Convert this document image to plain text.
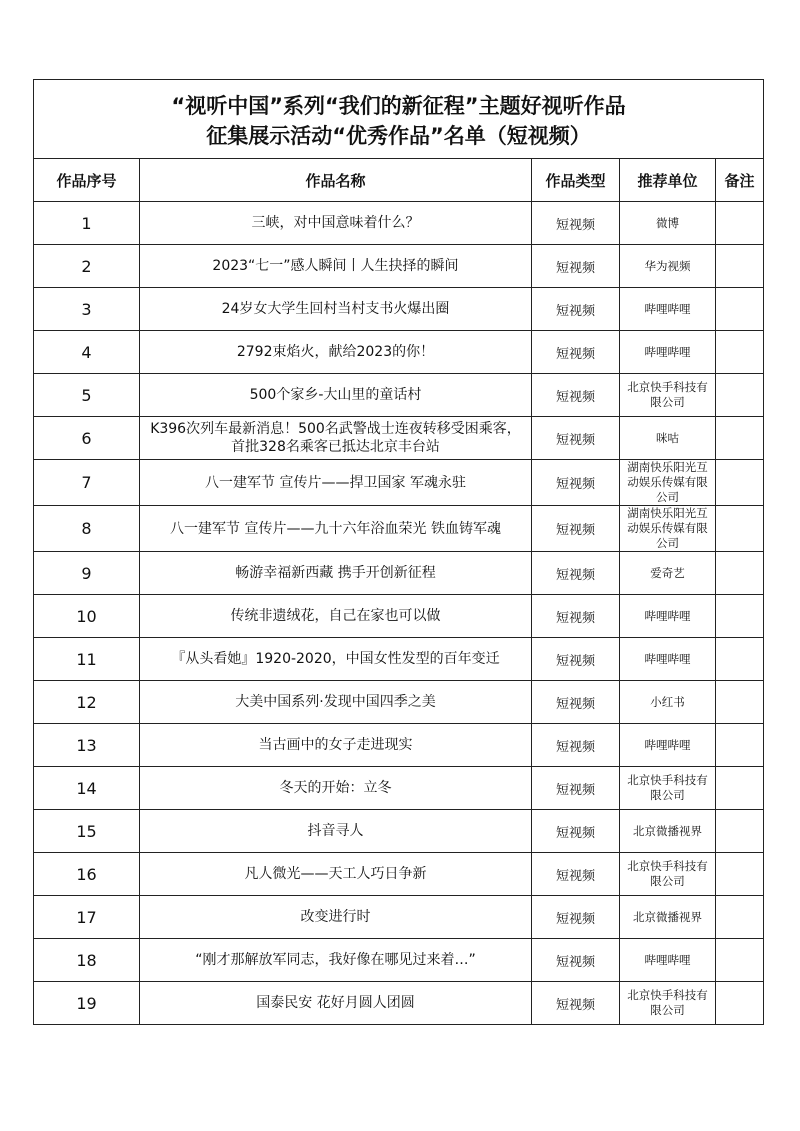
“视听中国”系列“我们的新征程”主题好视听作品
征集展示活动“优秀作品”名单（短视频）				

作品序号	作品名称	作品类型	推荐单位	备注
1	三峡，对中国意味着什么？	短视频	微博	
2	2023“七一”感人瞬间丨人生抉择的瞬间	短视频	华为视频	
3	24岁女大学生回村当村支书火爆出圈	短视频	哔哩哔哩	
4	2792束焰火，献给2023的你！	短视频	哔哩哔哩	
5	500个家乡-大山里的童话村	短视频	北京快手科技有限公司	
6	K396次列车最新消息！500名武警战士连夜转移受困乘客，首批328名乘客已抵达北京丰台站	短视频	咪咕	
7	八一建军节 宣传片——捍卫国家 军魂永驻	短视频	湖南快乐阳光互动娱乐传媒有限公司	
8	八一建军节 宣传片——九十六年浴血荣光 铁血铸军魂	短视频	湖南快乐阳光互动娱乐传媒有限公司	
9	畅游幸福新西藏 携手开创新征程	短视频	爱奇艺	
10	传统非遗绒花，自己在家也可以做	短视频	哔哩哔哩	
11	『从头看她』1920-2020，中国女性发型的百年变迁	短视频	哔哩哔哩	
12	大美中国系列·发现中国四季之美	短视频	小红书	
13	当古画中的女子走进现实	短视频	哔哩哔哩	
14	冬天的开始：立冬	短视频	北京快手科技有限公司	
15	抖音寻人	短视频	北京微播视界	
16	凡人微光——天工人巧日争新	短视频	北京快手科技有限公司	
17	改变进行时	短视频	北京微播视界	
18	“刚才那解放军同志，我好像在哪见过来着…”	短视频	哔哩哔哩	
19	国泰民安 花好月圆人团圆	短视频	北京快手科技有限公司	
